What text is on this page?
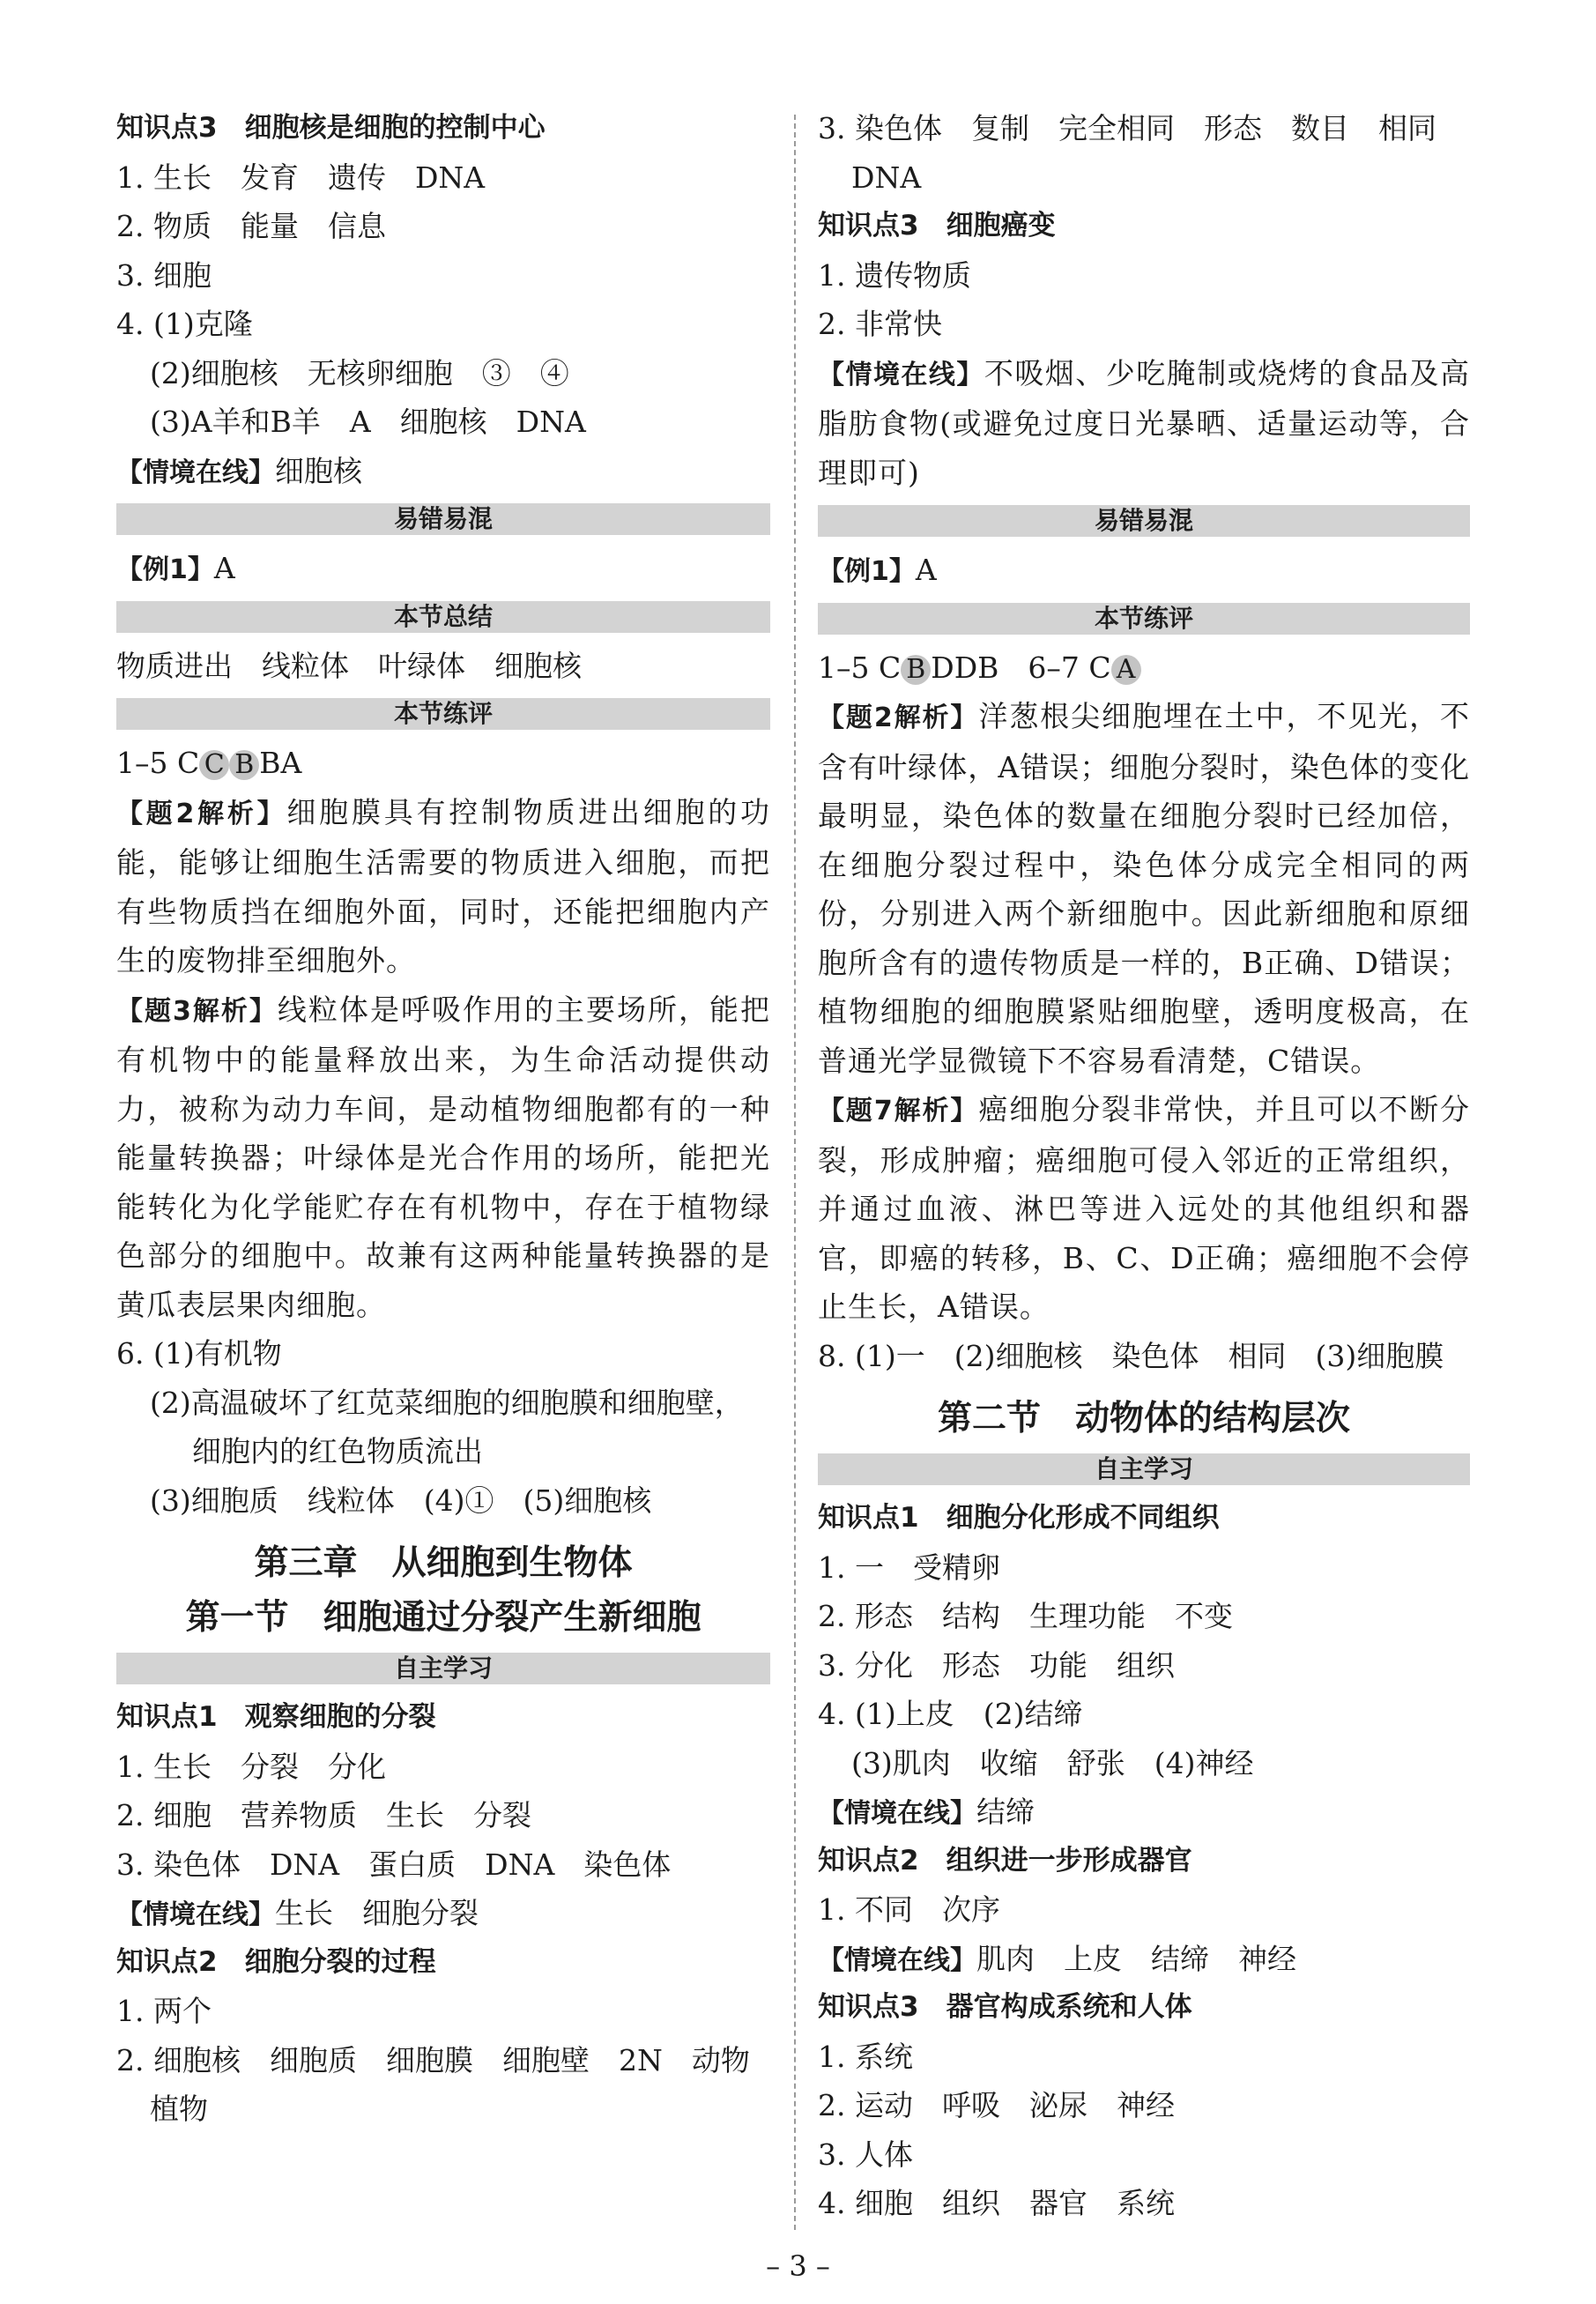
知识点3　细胞核是细胞的控制中心
1. 生长　发育　遗传　DNA
2. 物质　能量　信息
3. 细胞
4. (1)克隆
(2)细胞核　无核卵细胞　③　④
(3)A羊和B羊　A　细胞核　DNA
【情境在线】细胞核
易错易混
【例1】A
本节总结
物质进出　线粒体　叶绿体　细胞核
本节练评
1–5 C C B BA
【题2解析】细胞膜具有控制物质进出细胞的功能，能够让细胞生活需要的物质进入细胞，而把有些物质挡在细胞外面，同时，还能把细胞内产生的废物排至细胞外。
【题3解析】线粒体是呼吸作用的主要场所，能把有机物中的能量释放出来，为生命活动提供动力，被称为动力车间，是动植物细胞都有的一种能量转换器；叶绿体是光合作用的场所，能把光能转化为化学能贮存在有机物中，存在于植物绿色部分的细胞中。故兼有这两种能量转换器的是黄瓜表层果肉细胞。
6. (1)有机物
(2)高温破坏了红苋菜细胞的细胞膜和细胞壁，
细胞内的红色物质流出
(3)细胞质　线粒体　(4)①　(5)细胞核
第三章　从细胞到生物体
第一节　细胞通过分裂产生新细胞
自主学习
知识点1　观察细胞的分裂
1. 生长　分裂　分化
2. 细胞　营养物质　生长　分裂
3. 染色体　DNA　蛋白质　DNA　染色体
【情境在线】生长　细胞分裂
知识点2　细胞分裂的过程
1. 两个
2. 细胞核　细胞质　细胞膜　细胞壁　2N　动物
植物
3. 染色体　复制　完全相同　形态　数目　相同
DNA
知识点3　细胞癌变
1. 遗传物质
2. 非常快
【情境在线】不吸烟、少吃腌制或烧烤的食品及高脂肪食物(或避免过度日光暴晒、适量运动等，合理即可)
易错易混
【例1】A
本节练评
1–5 C B DDB　6–7 C A
【题2解析】洋葱根尖细胞埋在土中，不见光，不含有叶绿体，A错误；细胞分裂时，染色体的变化最明显，染色体的数量在细胞分裂时已经加倍，在细胞分裂过程中，染色体分成完全相同的两份，分别进入两个新细胞中。因此新细胞和原细胞所含有的遗传物质是一样的，B正确、D错误；植物细胞的细胞膜紧贴细胞壁，透明度极高，在普通光学显微镜下不容易看清楚，C错误。
【题7解析】癌细胞分裂非常快，并且可以不断分裂，形成肿瘤；癌细胞可侵入邻近的正常组织，并通过血液、淋巴等进入远处的其他组织和器官，即癌的转移，B、C、D正确；癌细胞不会停止生长，A错误。
8. (1)一　(2)细胞核　染色体　相同　(3)细胞膜
第二节　动物体的结构层次
自主学习
知识点1　细胞分化形成不同组织
1. 一　受精卵
2. 形态　结构　生理功能　不变
3. 分化　形态　功能　组织
4. (1)上皮　(2)结缔
(3)肌肉　收缩　舒张　(4)神经
【情境在线】结缔
知识点2　组织进一步形成器官
1. 不同　次序
【情境在线】肌肉　上皮　结缔　神经
知识点3　器官构成系统和人体
1. 系统
2. 运动　呼吸　泌尿　神经
3. 人体
4. 细胞　组织　器官　系统
– 3 –
